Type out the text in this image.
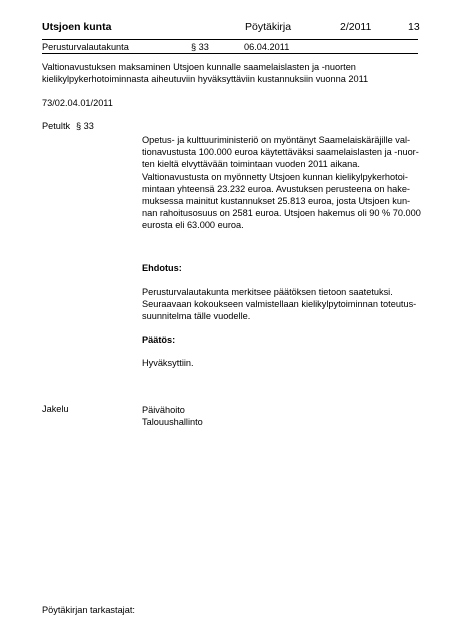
Utsjoen kunta	Pöytäkirja	2/2011	13
Perusturvalautakunta	§ 33	06.04.2011
Valtionavustuksen maksaminen Utsjoen kunnalle saamelaislasten ja -nuorten
kielikylpykerhotoiminnasta aiheutuviin hyväksyttäviin kustannuksiin vuonna 2011
73/02.04.01/2011
Petultk § 33
Opetus- ja kulttuuriministeriö on myöntänyt Saamelaiskäräjille val-
tionavustusta 100.000 euroa käytettäväksi saamelaislasten ja -nuor-
ten kieltä elvyttävään toimintaan vuoden 2011 aikana.
Valtionavustusta on myönnetty Utsjoen kunnan kielikylpykerhotoi-
mintaan yhteensä 23.232 euroa. Avustuksen perusteena on hake-
muksessa mainitut kustannukset 25.813 euroa, josta Utsjoen kun-
nan rahoitusosuus on 2581 euroa. Utsjoen hakemus oli 90 % 70.000
eurosta eli 63.000 euroa.
Ehdotus:
Perusturvalautakunta merkitsee päätöksen tietoon saatetuksi.
Seuraavaan kokoukseen valmistellaan kielikylpytoiminnan toteutus-
suunnitelma tälle vuodelle.
Päätös:
Hyväksyttiin.
Jakelu	Päivähoito
Talouushallinto
Pöytäkirjan tarkastajat:
